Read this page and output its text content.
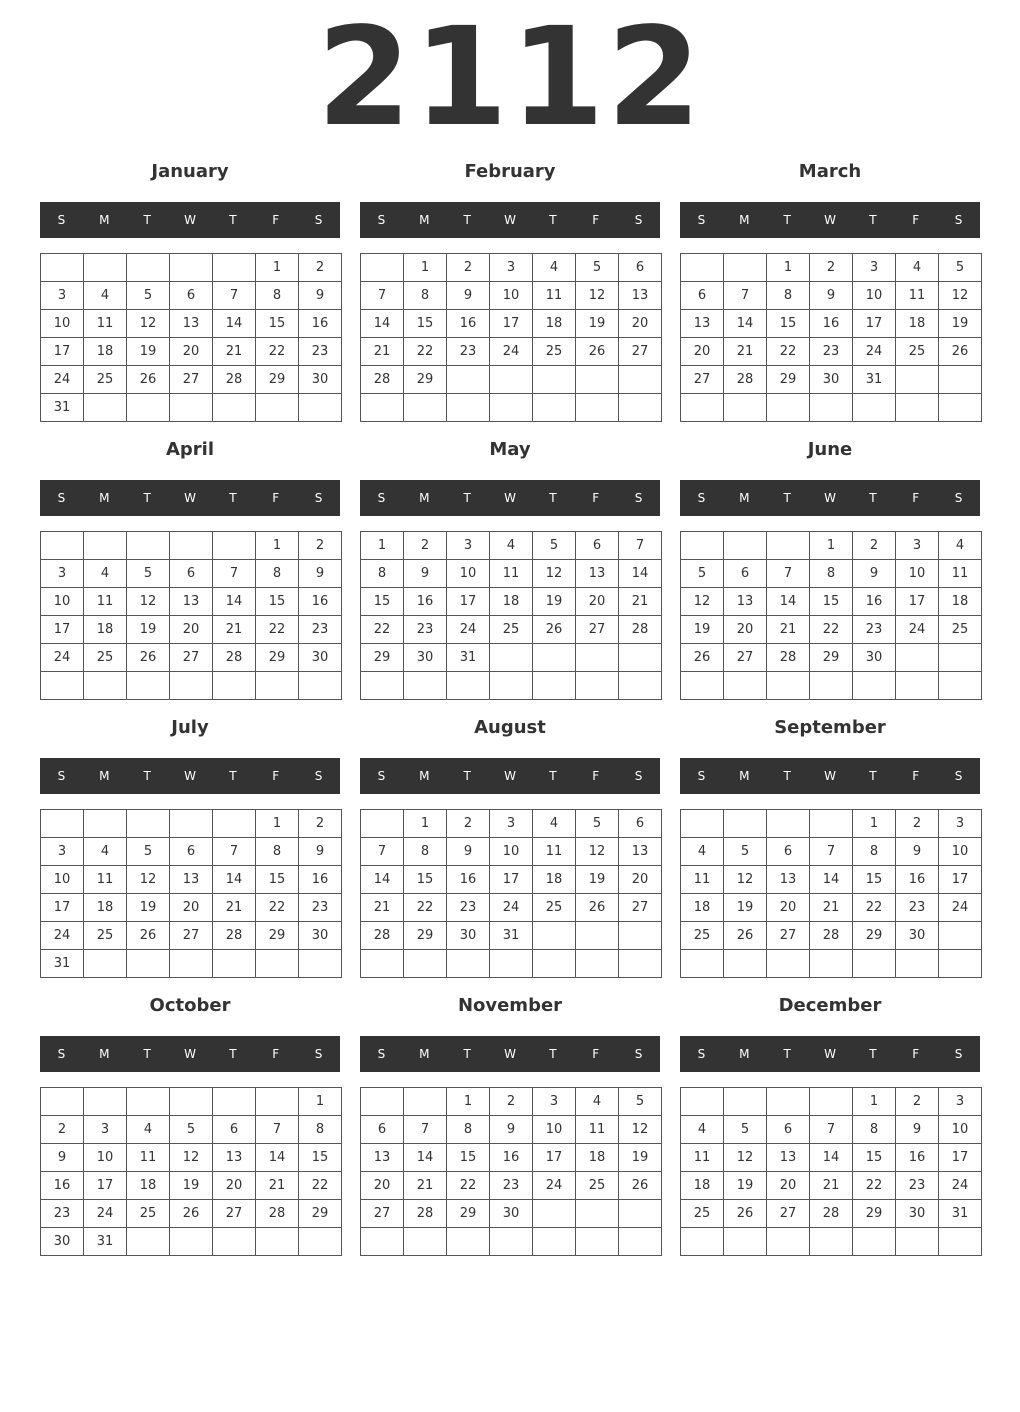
2112
January
S	M	T	W	T	F	S
					1	2
3	4	5	6	7	8	9
10	11	12	13	14	15	16
17	18	19	20	21	22	23
24	25	26	27	28	29	30
31						
February
S	M	T	W	T	F	S
	1	2	3	4	5	6
7	8	9	10	11	12	13
14	15	16	17	18	19	20
21	22	23	24	25	26	27
28	29					

March
S	M	T	W	T	F	S
		1	2	3	4	5
6	7	8	9	10	11	12
13	14	15	16	17	18	19
20	21	22	23	24	25	26
27	28	29	30	31		

April
S	M	T	W	T	F	S
					1	2
3	4	5	6	7	8	9
10	11	12	13	14	15	16
17	18	19	20	21	22	23
24	25	26	27	28	29	30

May
S	M	T	W	T	F	S
1	2	3	4	5	6	7
8	9	10	11	12	13	14
15	16	17	18	19	20	21
22	23	24	25	26	27	28
29	30	31				

June
S	M	T	W	T	F	S
			1	2	3	4
5	6	7	8	9	10	11
12	13	14	15	16	17	18
19	20	21	22	23	24	25
26	27	28	29	30		

July
S	M	T	W	T	F	S
					1	2
3	4	5	6	7	8	9
10	11	12	13	14	15	16
17	18	19	20	21	22	23
24	25	26	27	28	29	30
31						
August
S	M	T	W	T	F	S
	1	2	3	4	5	6
7	8	9	10	11	12	13
14	15	16	17	18	19	20
21	22	23	24	25	26	27
28	29	30	31			

September
S	M	T	W	T	F	S
				1	2	3
4	5	6	7	8	9	10
11	12	13	14	15	16	17
18	19	20	21	22	23	24
25	26	27	28	29	30	

October
S	M	T	W	T	F	S
						1
2	3	4	5	6	7	8
9	10	11	12	13	14	15
16	17	18	19	20	21	22
23	24	25	26	27	28	29
30	31					
November
S	M	T	W	T	F	S
		1	2	3	4	5
6	7	8	9	10	11	12
13	14	15	16	17	18	19
20	21	22	23	24	25	26
27	28	29	30			

December
S	M	T	W	T	F	S
				1	2	3
4	5	6	7	8	9	10
11	12	13	14	15	16	17
18	19	20	21	22	23	24
25	26	27	28	29	30	31
